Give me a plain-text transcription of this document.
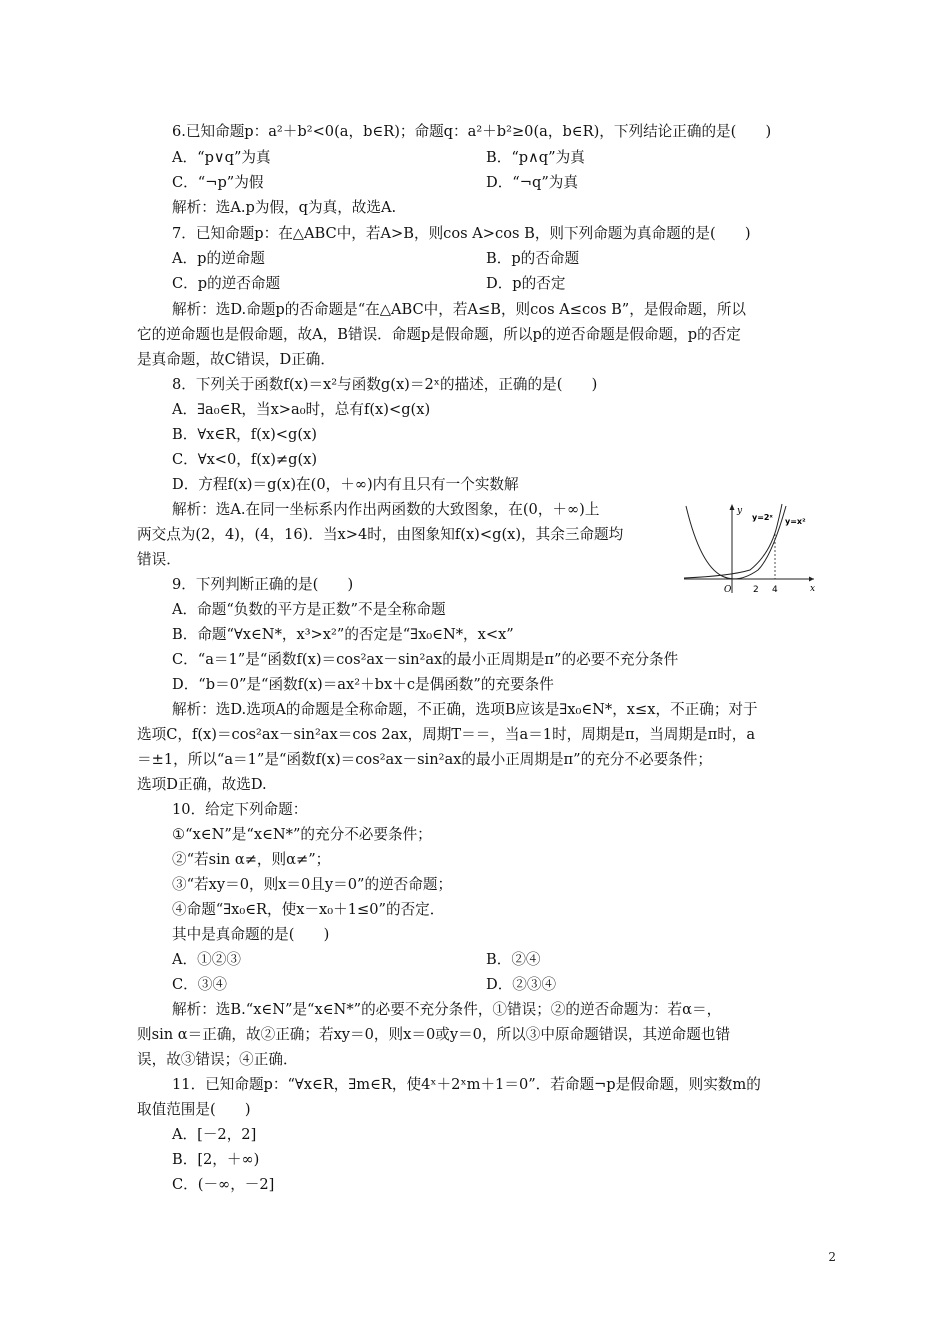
6.已知命题p：a²＋b²<0(a，b∈R)；命题q：a²＋b²≥0(a，b∈R)，下列结论正确的是(　　)
A．“p∨q”为真	B．“p∧q”为真
C．“¬p”为假	D．“¬q”为真
解析：选A.p为假，q为真，故选A.
7．已知命题p：在△ABC中，若A>B，则cos A>cos B，则下列命题为真命题的是(　　)
A．p的逆命题	B．p的否命题
C．p的逆否命题	D．p的否定
解析：选D.命题p的否命题是“在△ABC中，若A≤B，则cos A≤cos B”，是假命题，所以
它的逆命题也是假命题，故A，B错误．命题p是假命题，所以p的逆否命题是假命题，p的否定
是真命题，故C错误，D正确．
8．下列关于函数f(x)＝x²与函数g(x)＝2ˣ的描述，正确的是(　　)
A．∃a₀∈R，当x>a₀时，总有f(x)<g(x)
B．∀x∈R，f(x)<g(x)
C．∀x<0，f(x)≠g(x)
D．方程f(x)＝g(x)在(0，＋∞)内有且只有一个实数解
解析：选A.在同一坐标系内作出两函数的大致图象，在(0，＋∞)上
两交点为(2，4)，(4，16)．当x>4时，由图象知f(x)<g(x)，其余三命题均
错误．
9．下列判断正确的是(　　)
A．命题“负数的平方是正数”不是全称命题
B．命题“∀x∈N*，x³>x²”的否定是“∃x₀∈N*，x<x”
C．“a＝1”是“函数f(x)＝cos²ax－sin²ax的最小正周期是π”的必要不充分条件
D．“b＝0”是“函数f(x)＝ax²＋bx＋c是偶函数”的充要条件
解析：选D.选项A的命题是全称命题，不正确，选项B应该是∃x₀∈N*，x≤x，不正确；对于
选项C，f(x)＝cos²ax－sin²ax＝cos 2ax，周期T＝＝，当a＝1时，周期是π，当周期是π时，a
＝±1，所以“a＝1”是“函数f(x)＝cos²ax－sin²ax的最小正周期是π”的充分不必要条件；
选项D正确，故选D.
10．给定下列命题：
①“x∈N”是“x∈N*”的充分不必要条件；
②“若sin α≠，则α≠”；
③“若xy＝0，则x＝0且y＝0”的逆否命题；
④命题“∃x₀∈R，使x－x₀＋1≤0”的否定．
其中是真命题的是(　　)
A．①②③	B．②④
C．③④	D．②③④
解析：选B.“x∈N”是“x∈N*”的必要不充分条件，①错误；②的逆否命题为：若α＝，
则sin α＝正确，故②正确；若xy＝0，则x＝0或y＝0，所以③中原命题错误，其逆命题也错
误，故③错误；④正确．
11．已知命题p：“∀x∈R，∃m∈R，使4ˣ＋2ˣm＋1＝0”．若命题¬p是假命题，则实数m的
取值范围是(　　)
A．[－2，2]
B．[2，＋∞)
C．(－∞，－2]
y
x
O 2 4
y=2ˣ y=x²
2
